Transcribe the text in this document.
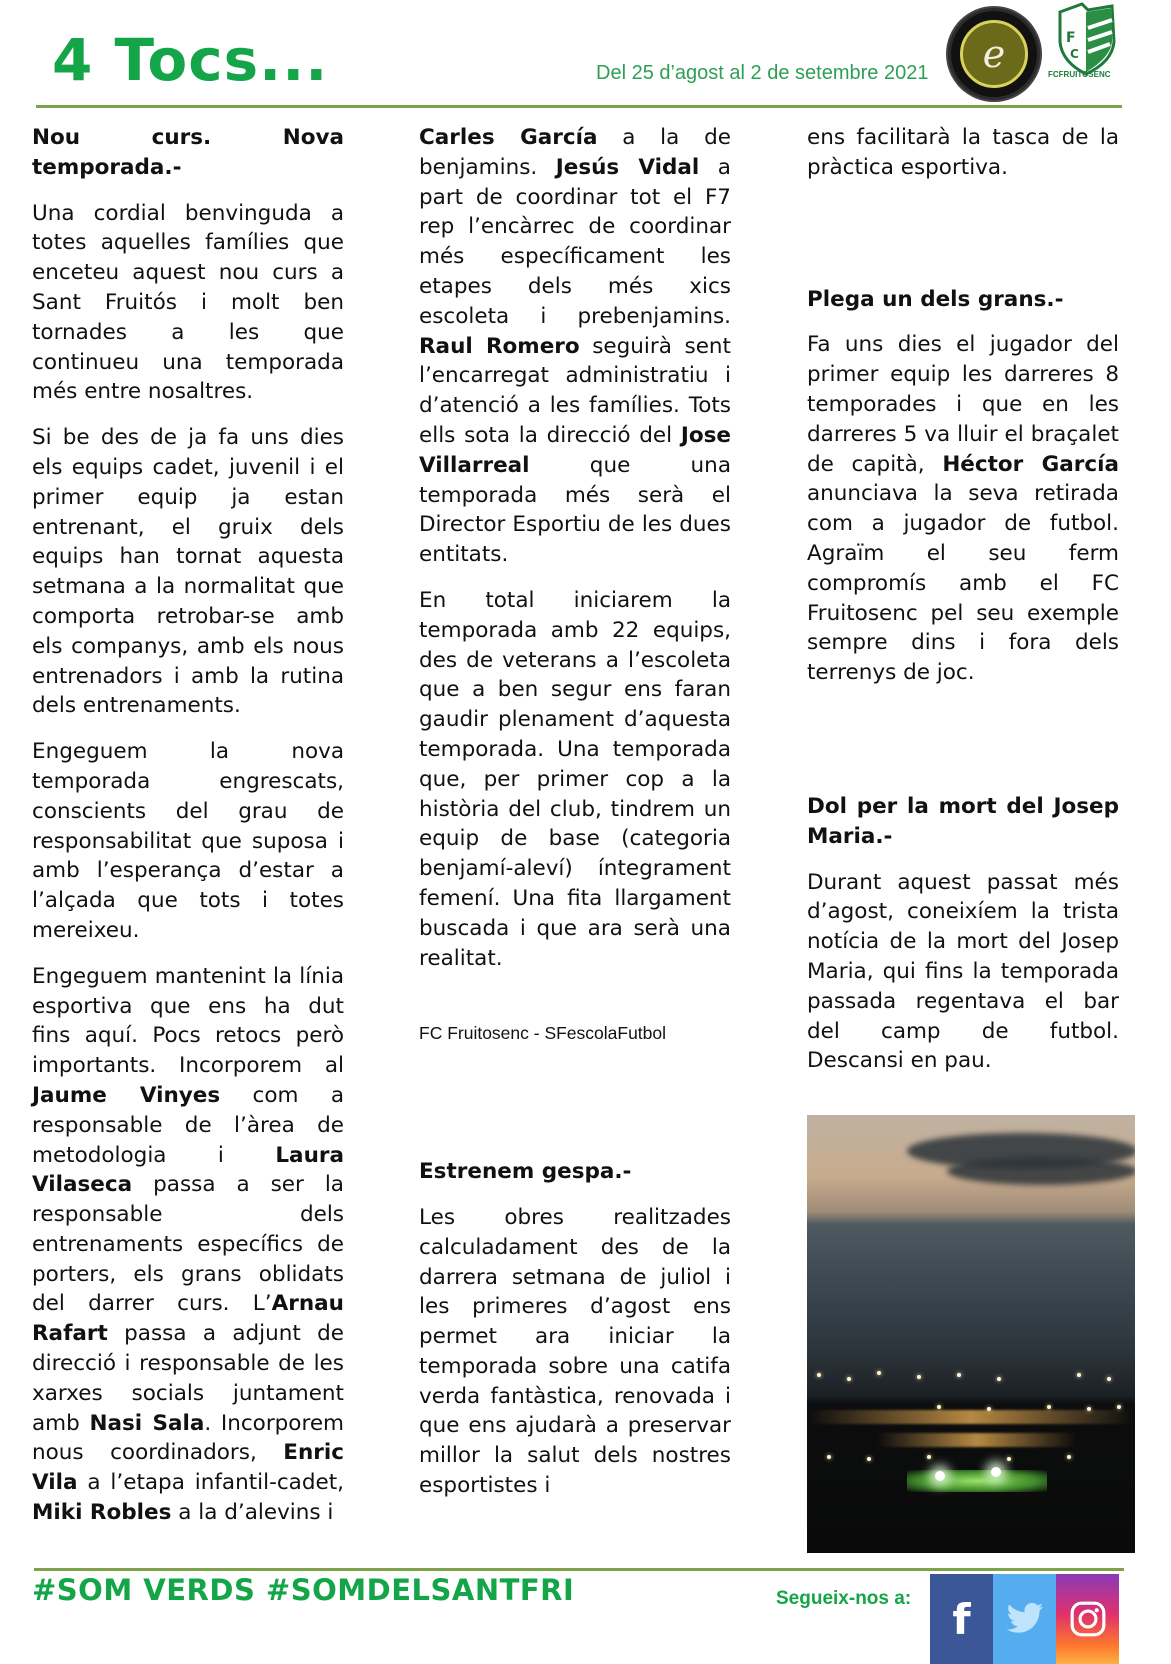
4 Tocs...	Del 25 d’agost al 2 de setembre 2021	e	F
C
FCFRUITOSENC
Nou curs. Nova temporada.-

Una cordial benvinguda a totes aquelles famílies que enceteu aquest nou curs a Sant Fruitós i molt ben tornades a les que continueu una temporada més entre nosaltres.

Si be des de ja fa uns dies els equips cadet, juvenil i el primer equip ja estan entrenant, el gruix dels equips han tornat aquesta setmana a la normalitat que comporta retrobar-se amb els companys, amb els nous entrenadors i amb la rutina dels entrenaments.

Engeguem la nova temporada engrescats, conscients del grau de responsabilitat que suposa i amb l’esperança d’estar a l’alçada que tots i totes mereixeu.

Engeguem mantenint la línia esportiva que ens ha dut fins aquí. Pocs retocs però importants. Incorporem al Jaume Vinyes com a responsable de l’àrea de metodologia i Laura Vilaseca passa a ser la responsable dels entrenaments específics de porters, els grans oblidats del darrer curs. L’Arnau Rafart passa a adjunt de direcció i responsable de les xarxes socials juntament amb Nasi Sala. Incorporem nous coordinadors, Enric Vila a l’etapa infantil-cadet, Miki Robles a la d’alevins i

Carles García a la de benjamins. Jesús Vidal a part de coordinar tot el F7 rep l’encàrrec de coordinar més específicament les etapes dels més xics escoleta i prebenjamins. Raul Romero seguirà sent l’encarregat administratiu i d’atenció a les famílies. Tots ells sota la direcció del Jose Villarreal que una temporada més serà el Director Esportiu de les dues entitats.

En total iniciarem la temporada amb 22 equips, des de veterans a l’escoleta que a ben segur ens faran gaudir plenament d’aquesta temporada. Una temporada que, per primer cop a la història del club, tindrem un equip de base (categoria benjamí-aleví) íntegrament femení. Una fita llargament buscada i que ara serà una realitat.

FC Fruitosenc - SFescolaFutbol

Estrenem gespa.-

Les obres realitzades calculadament des de la darrera setmana de juliol i les primeres d’agost ens permet ara iniciar la temporada sobre una catifa verda fantàstica, renovada i que ens ajudarà a preservar millor la salut dels nostres esportistes i

ens facilitarà la tasca de la pràctica esportiva.

Plega un dels grans.-

Fa uns dies el jugador del primer equip les darreres 8 temporades i que en les darreres 5 va lluir el braçalet de capità, Héctor García anunciava la seva retirada com a jugador de futbol. Agraïm el seu ferm compromís amb el FC Fruitosenc pel seu exemple sempre dins i fora dels terrenys de joc.

Dol per la mort del Josep Maria.-

Durant aquest passat més d’agost, coneixíem la trista notícia de la mort del Josep Maria, qui fins la temporada passada regentava el bar del camp de futbol. Descansi en pau.

#SOM VERDS #SOMDELSANTFRI	Segueix-nos a: f
